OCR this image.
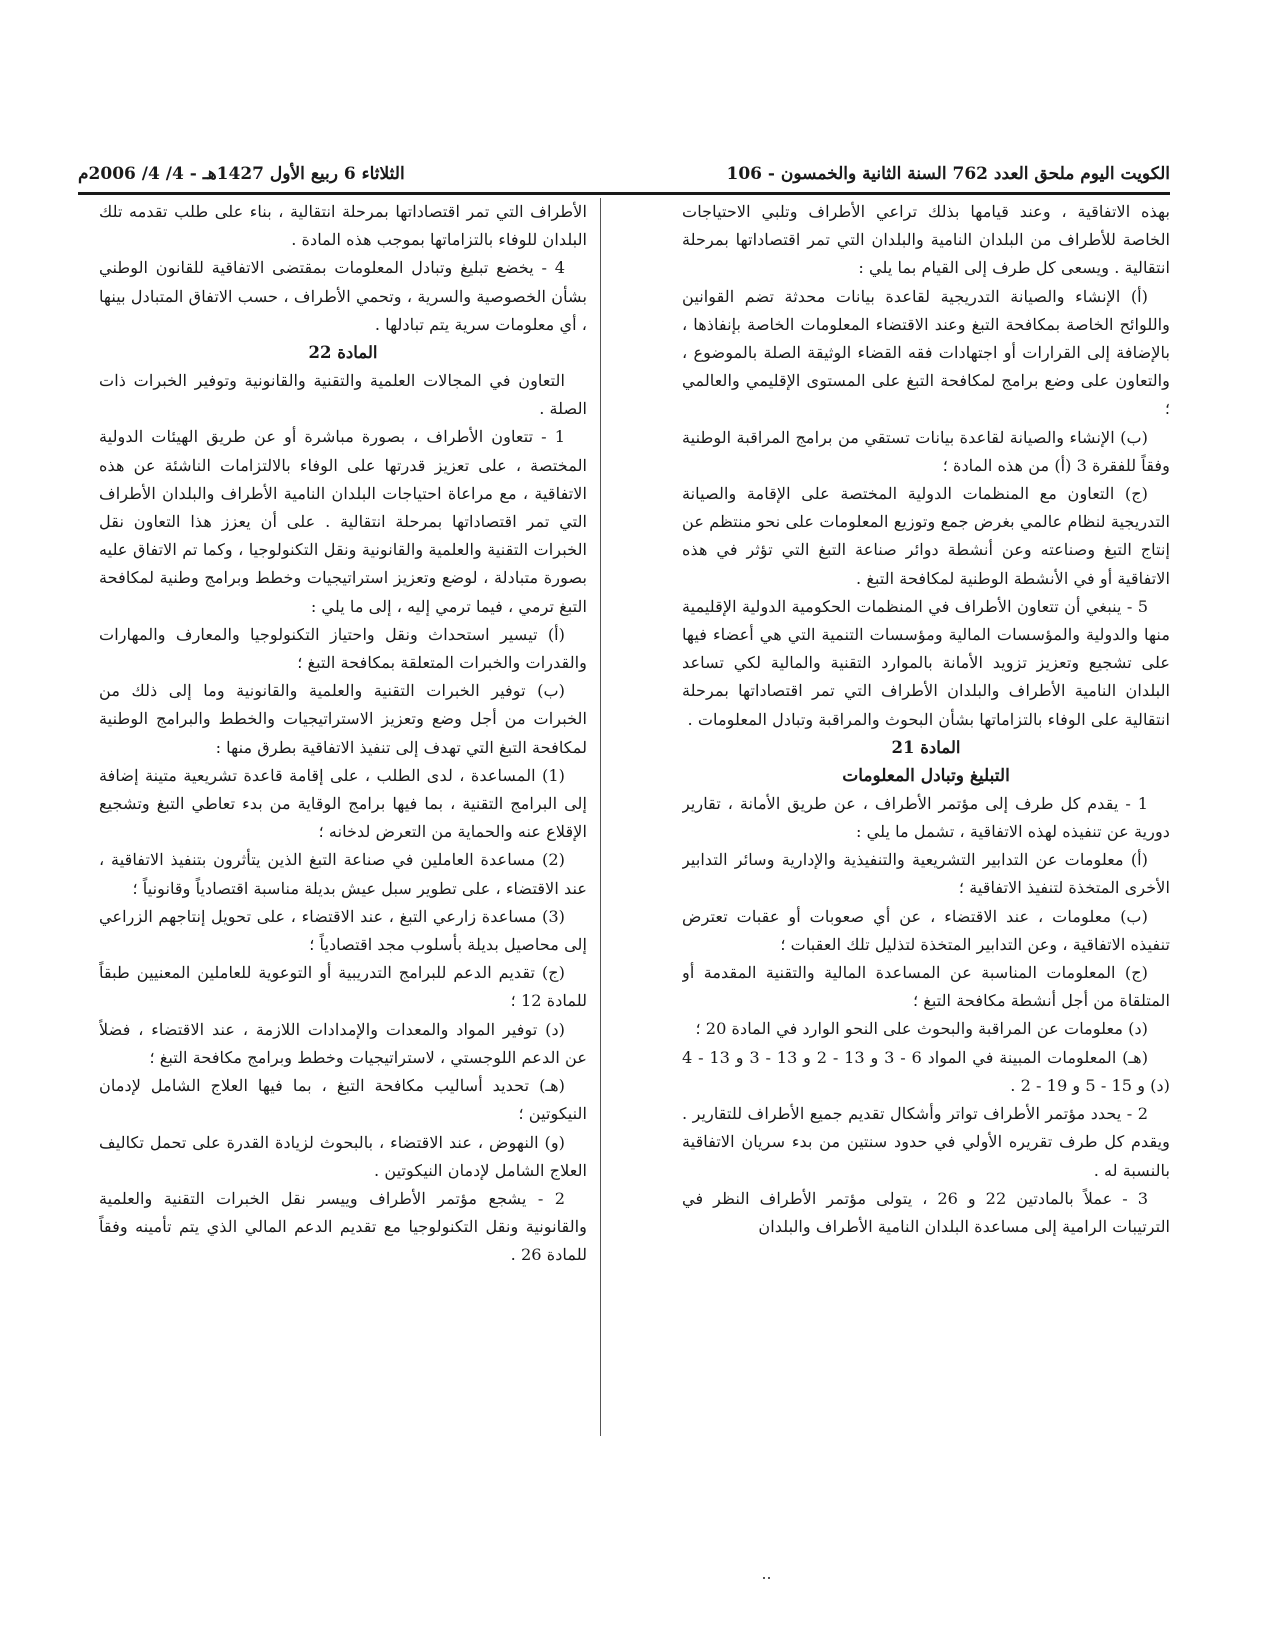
الكويت اليوم ملحق العدد 762 السنة الثانية والخمسون - 106
الثلاثاء 6 ربيع الأول 1427هـ - 4/ 4/ 2006م

بهذه الاتفاقية ، وعند قيامها بذلك تراعي الأطراف وتلبي الاحتياجات الخاصة للأطراف من البلدان النامية والبلدان التي تمر اقتصاداتها بمرحلة انتقالية . ويسعى كل طرف إلى القيام بما يلي :

(أ) الإنشاء والصيانة التدريجية لقاعدة بيانات محدثة تضم القوانين واللوائح الخاصة بمكافحة التبغ وعند الاقتضاء المعلومات الخاصة بإنفاذها ، بالإضافة إلى القرارات أو اجتهادات فقه القضاء الوثيقة الصلة بالموضوع ، والتعاون على وضع برامج لمكافحة التبغ على المستوى الإقليمي والعالمي ؛

(ب) الإنشاء والصيانة لقاعدة بيانات تستقي من برامج المراقبة الوطنية وفقاً للفقرة 3 (أ) من هذه المادة ؛

(ج) التعاون مع المنظمات الدولية المختصة على الإقامة والصيانة التدريجية لنظام عالمي بغرض جمع وتوزيع المعلومات على نحو منتظم عن إنتاج التبغ وصناعته وعن أنشطة دوائر صناعة التبغ التي تؤثر في هذه الاتفاقية أو في الأنشطة الوطنية لمكافحة التبغ .

5 - ينبغي أن تتعاون الأطراف في المنظمات الحكومية الدولية الإقليمية منها والدولية والمؤسسات المالية ومؤسسات التنمية التي هي أعضاء فيها على تشجيع وتعزيز تزويد الأمانة بالموارد التقنية والمالية لكي تساعد البلدان النامية الأطراف والبلدان الأطراف التي تمر اقتصاداتها بمرحلة انتقالية على الوفاء بالتزاماتها بشأن البحوث والمراقبة وتبادل المعلومات .

المادة 21
التبليغ وتبادل المعلومات

1 - يقدم كل طرف إلى مؤتمر الأطراف ، عن طريق الأمانة ، تقارير دورية عن تنفيذه لهذه الاتفاقية ، تشمل ما يلي :

(أ) معلومات عن التدابير التشريعية والتنفيذية والإدارية وسائر التدابير الأخرى المتخذة لتنفيذ الاتفاقية ؛

(ب) معلومات ، عند الاقتضاء ، عن أي صعوبات أو عقبات تعترض تنفيذه الاتفاقية ، وعن التدابير المتخذة لتذليل تلك العقبات ؛

(ج) المعلومات المناسبة عن المساعدة المالية والتقنية المقدمة أو المتلقاة من أجل أنشطة مكافحة التبغ ؛

(د) معلومات عن المراقبة والبحوث على النحو الوارد في المادة 20 ؛

(هـ) المعلومات المبينة في المواد 6 - 3 و 13 - 2 و 13 - 3 و 13 - 4 (د) و 15 - 5 و 19 - 2 .

2 - يحدد مؤتمر الأطراف تواتر وأشكال تقديم جميع الأطراف للتقارير . ويقدم كل طرف تقريره الأولي في حدود سنتين من بدء سريان الاتفاقية بالنسبة له .

3 - عملاً بالمادتين 22 و 26 ، يتولى مؤتمر الأطراف النظر في الترتيبات الرامية إلى مساعدة البلدان النامية الأطراف والبلدان

الأطراف التي تمر اقتصاداتها بمرحلة انتقالية ، بناء على طلب تقدمه تلك البلدان للوفاء بالتزاماتها بموجب هذه المادة .

4 - يخضع تبليغ وتبادل المعلومات بمقتضى الاتفاقية للقانون الوطني بشأن الخصوصية والسرية ، وتحمي الأطراف ، حسب الاتفاق المتبادل بينها ، أي معلومات سرية يتم تبادلها .

المادة 22

التعاون في المجالات العلمية والتقنية والقانونية وتوفير الخبرات ذات الصلة .

1 - تتعاون الأطراف ، بصورة مباشرة أو عن طريق الهيئات الدولية المختصة ، على تعزيز قدرتها على الوفاء بالالتزامات الناشئة عن هذه الاتفاقية ، مع مراعاة احتياجات البلدان النامية الأطراف والبلدان الأطراف التي تمر اقتصاداتها بمرحلة انتقالية . على أن يعزز هذا التعاون نقل الخبرات التقنية والعلمية والقانونية ونقل التكنولوجيا ، وكما تم الاتفاق عليه بصورة متبادلة ، لوضع وتعزيز استراتيجيات وخطط وبرامج وطنية لمكافحة التبغ ترمي ، فيما ترمي إليه ، إلى ما يلي :

(أ) تيسير استحداث ونقل واحتياز التكنولوجيا والمعارف والمهارات والقدرات والخبرات المتعلقة بمكافحة التبغ ؛

(ب) توفير الخبرات التقنية والعلمية والقانونية وما إلى ذلك من الخبرات من أجل وضع وتعزيز الاستراتيجيات والخطط والبرامج الوطنية لمكافحة التبغ التي تهدف إلى تنفيذ الاتفاقية بطرق منها :

(1) المساعدة ، لدى الطلب ، على إقامة قاعدة تشريعية متينة إضافة إلى البرامج التقنية ، بما فيها برامج الوقاية من بدء تعاطي التبغ وتشجيع الإقلاع عنه والحماية من التعرض لدخانه ؛

(2) مساعدة العاملين في صناعة التبغ الذين يتأثرون بتنفيذ الاتفاقية ، عند الاقتضاء ، على تطوير سبل عيش بديلة مناسبة اقتصادياً وقانونياً ؛

(3) مساعدة زارعي التبغ ، عند الاقتضاء ، على تحويل إنتاجهم الزراعي إلى محاصيل بديلة بأسلوب مجد اقتصادياً ؛

(ج) تقديم الدعم للبرامج التدريبية أو التوعوية للعاملين المعنيين طبقاً للمادة 12 ؛

(د) توفير المواد والمعدات والإمدادات اللازمة ، عند الاقتضاء ، فضلاً عن الدعم اللوجستي ، لاستراتيجيات وخطط وبرامج مكافحة التبغ ؛

(هـ) تحديد أساليب مكافحة التبغ ، بما فيها العلاج الشامل لإدمان النيكوتين ؛

(و) النهوض ، عند الاقتضاء ، بالبحوث لزيادة القدرة على تحمل تكاليف العلاج الشامل لإدمان النيكوتين .

2 - يشجع مؤتمر الأطراف وييسر نقل الخبرات التقنية والعلمية والقانونية ونقل التكنولوجيا مع تقديم الدعم المالي الذي يتم تأمينه وفقاً للمادة 26 .
